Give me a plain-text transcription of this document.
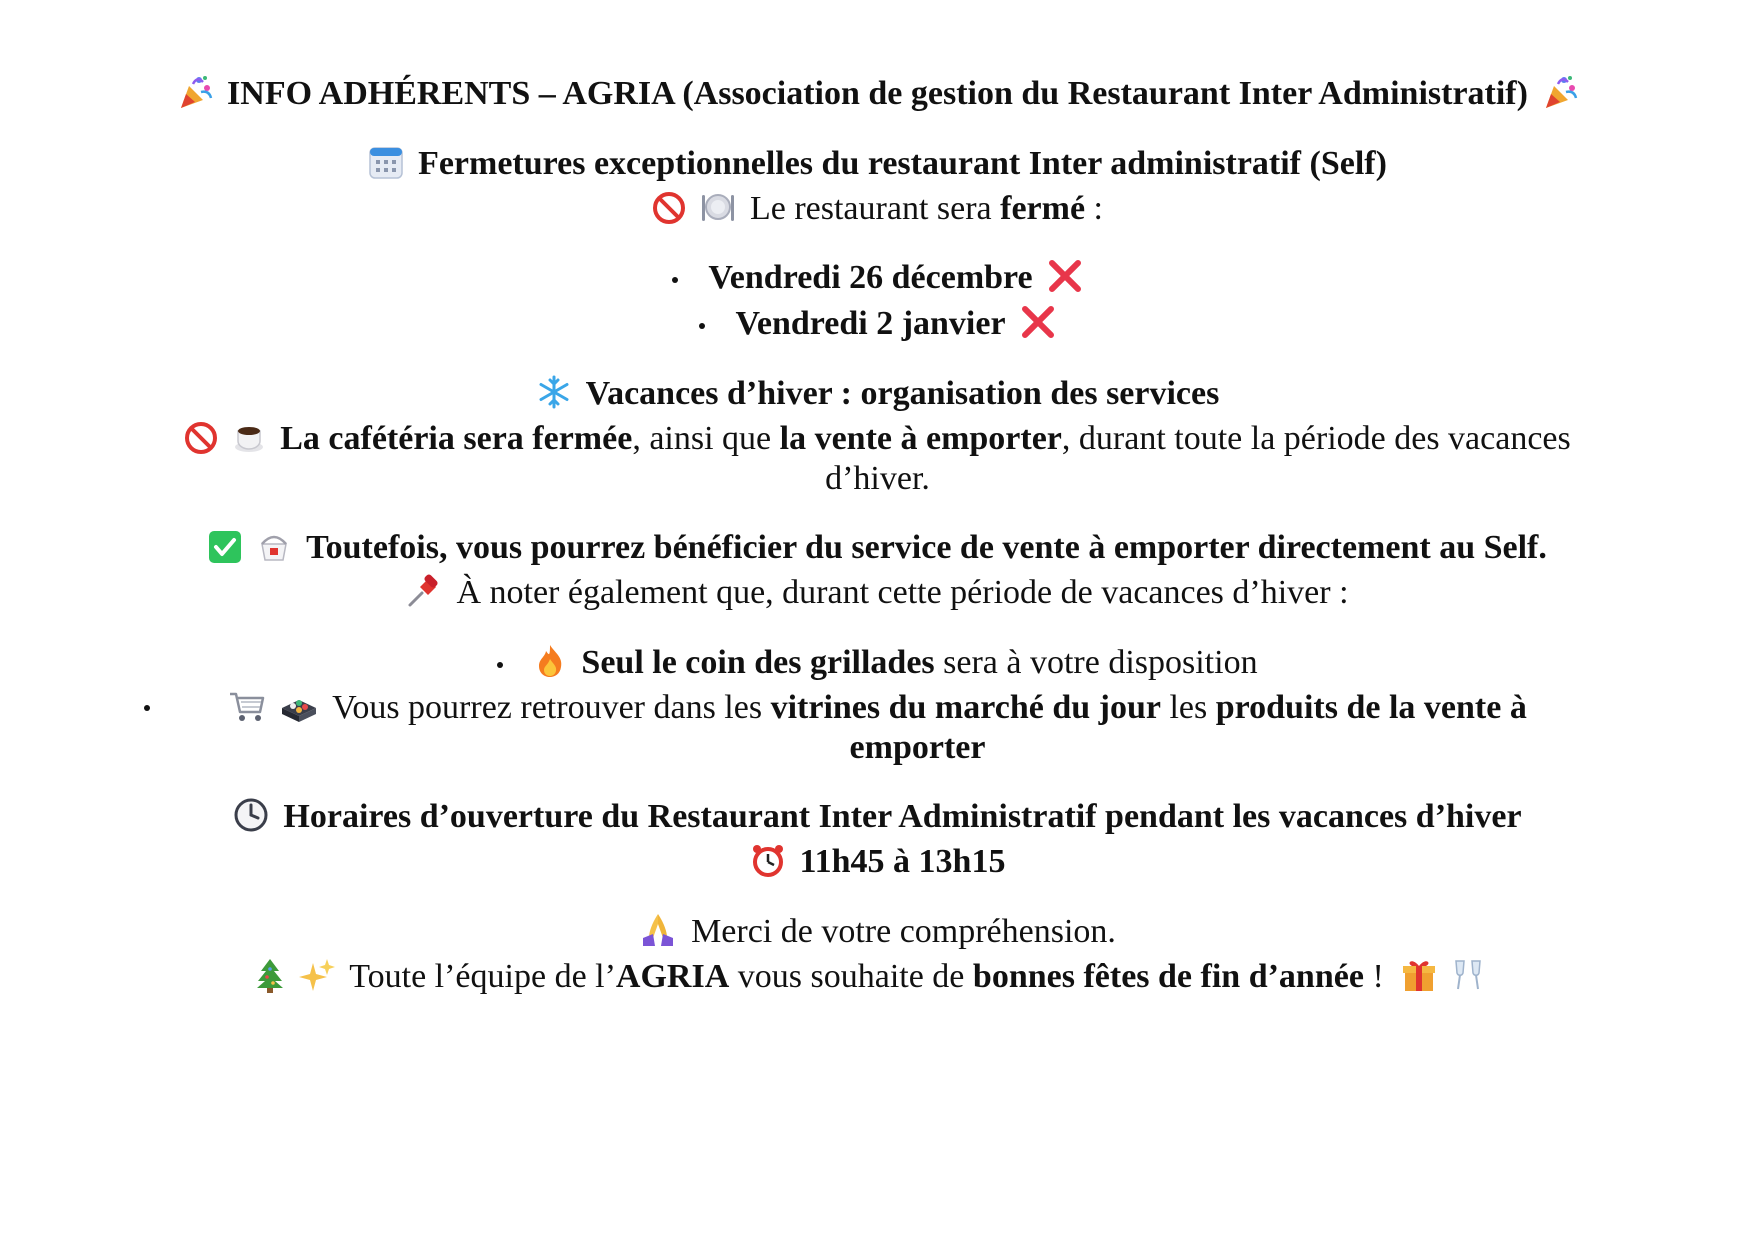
INFO ADHÉRENTS – AGRIA (Association de gestion du Restaurant Inter Administratif)
Fermetures exceptionnelles du restaurant Inter administratif (Self)
Le restaurant sera fermé :
Vendredi 26 décembre
Vendredi 2 janvier
Vacances d’hiver : organisation des services
La cafétéria sera fermée, ainsi que la vente à emporter, durant toute la période des vacances
d’hiver.
Toutefois, vous pourrez bénéficier du service de vente à emporter directement au Self.
À noter également que, durant cette période de vacances d’hiver :
Seul le coin des grillades sera à votre disposition
Vous pourrez retrouver dans les vitrines du marché du jour les produits de la vente à
emporter
Horaires d’ouverture du Restaurant Inter Administratif pendant les vacances d’hiver
11h45 à 13h15
Merci de votre compréhension.
Toute l’équipe de l’AGRIA vous souhaite de bonnes fêtes de fin d’année !
